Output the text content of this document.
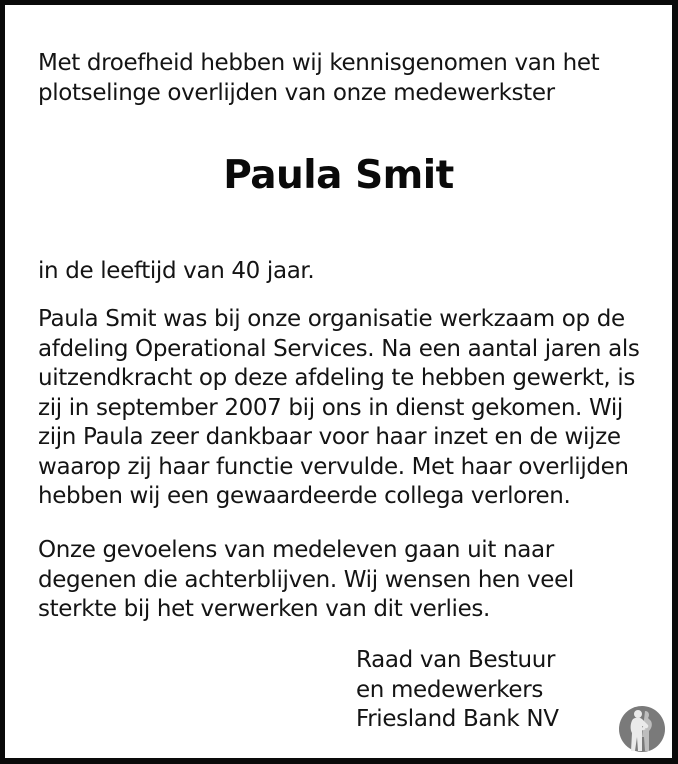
Met droefheid hebben wij kennisgenomen van het
plotselinge overlijden van onze medewerkster
Paula Smit
in de leeftijd van 40 jaar.
Paula Smit was bij onze organisatie werkzaam op de
afdeling Operational Services. Na een aantal jaren als
uitzendkracht op deze afdeling te hebben gewerkt, is
zij in september 2007 bij ons in dienst gekomen. Wij
zijn Paula zeer dankbaar voor haar inzet en de wijze
waarop zij haar functie vervulde. Met haar overlijden
hebben wij een gewaardeerde collega verloren.
Onze gevoelens van medeleven gaan uit naar
degenen die achterblijven. Wij wensen hen veel
sterkte bij het verwerken van dit verlies.
Raad van Bestuur
en medewerkers
Friesland Bank NV
